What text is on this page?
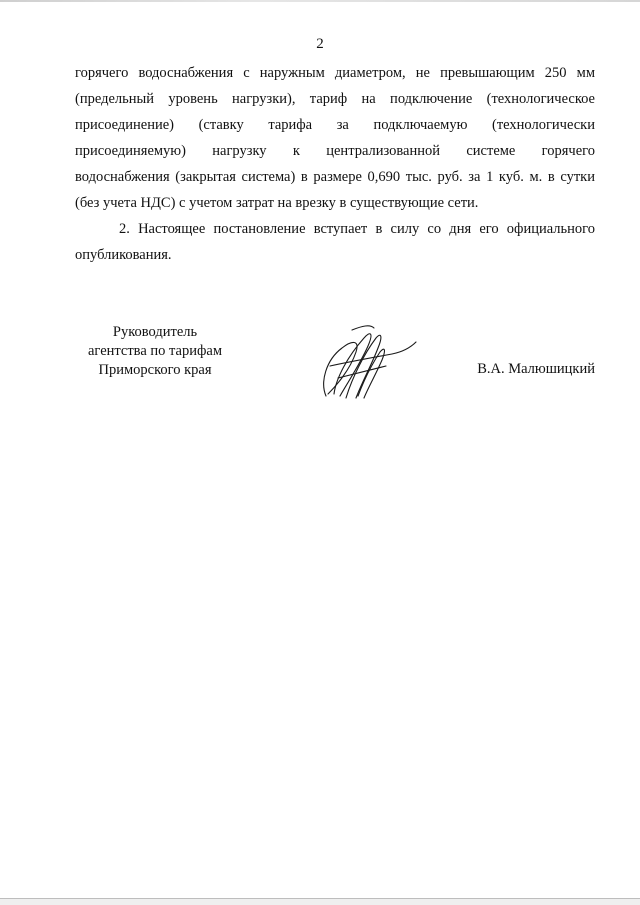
2
горячего водоснабжения с наружным диаметром, не превышающим 250 мм
(предельный уровень нагрузки), тариф на подключение (технологическое
присоединение) (ставку тарифа за подключаемую (технологически
присоединяемую) нагрузку к централизованной системе горячего
водоснабжения (закрытая система) в размере 0,690 тыс. руб. за 1 куб. м. в сутки
(без учета НДС) с учетом затрат на врезку в существующие сети.
2. Настоящее постановление вступает в силу со дня его официального
опубликования.
Руководитель
агентства по тарифам
Приморского края	В.А. Малюшицкий
